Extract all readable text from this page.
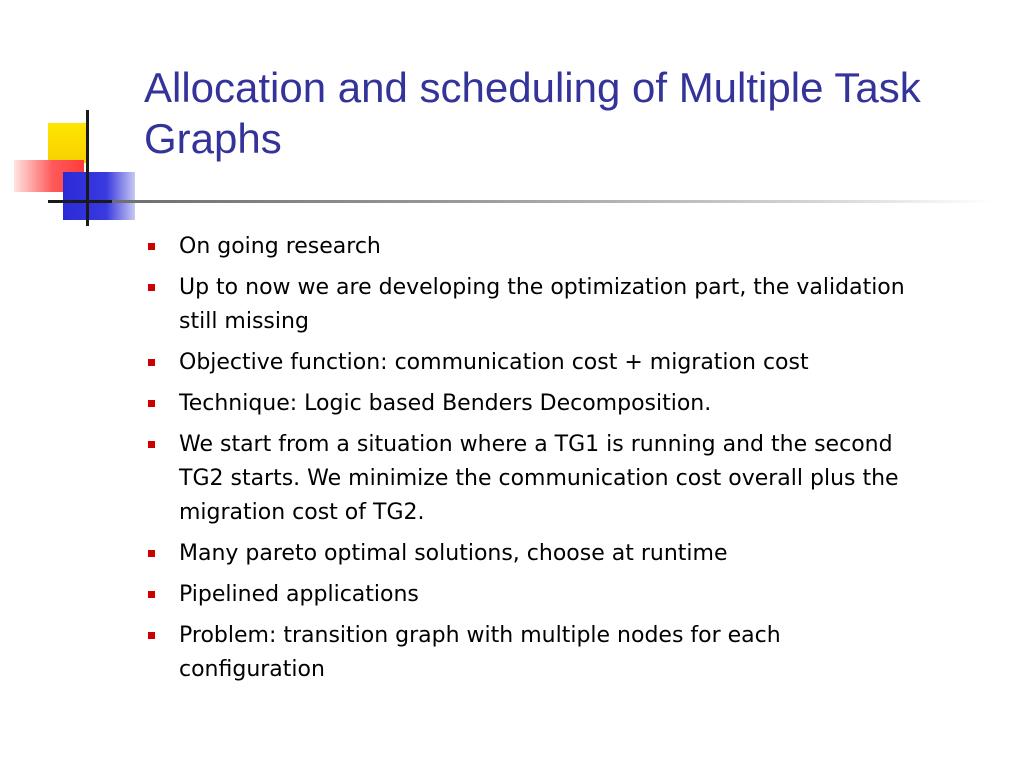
Allocation and scheduling of Multiple Task Graphs
On going research
Up to now we are developing the optimization part, the validation still missing
Objective function: communication cost + migration cost
Technique: Logic based Benders Decomposition.
We start from a situation where a TG1 is running and the second TG2 starts. We minimize the communication cost overall plus the migration cost of TG2.
Many pareto optimal solutions, choose at runtime
Pipelined applications
Problem: transition graph with multiple nodes for each configuration
